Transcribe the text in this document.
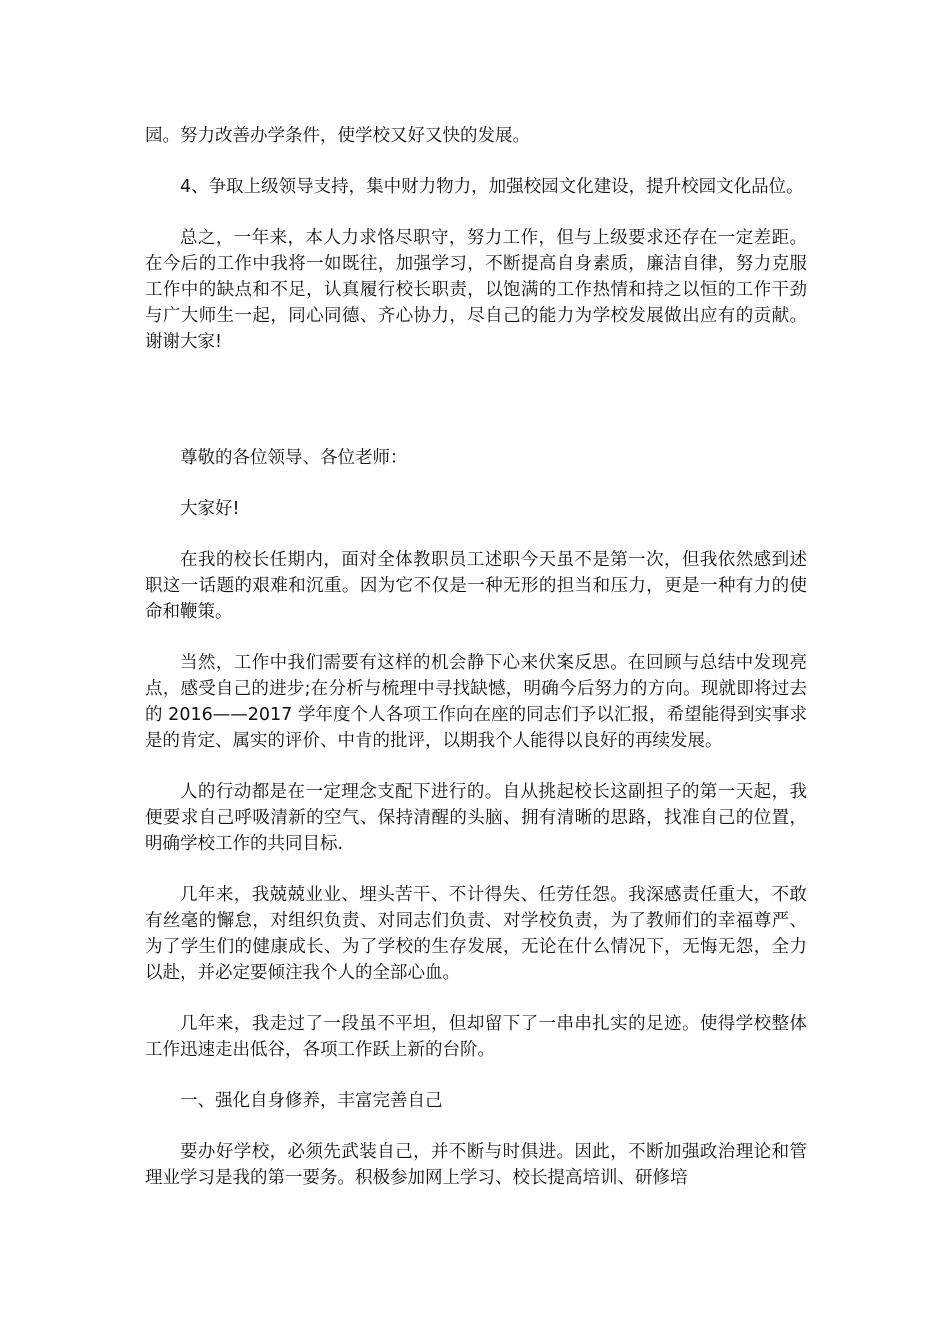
园。努力改善办学条件，使学校又好又快的发展。

4、争取上级领导支持，集中财力物力，加强校园文化建设，提升校园文化品位。

总之，一年来，本人力求恪尽职守，努力工作，但与上级要求还存在一定差距。在今后的工作中我将一如既往，加强学习，不断提高自身素质，廉洁自律，努力克服工作中的缺点和不足，认真履行校长职责，以饱满的工作热情和持之以恒的工作干劲与广大师生一起，同心同德、齐心协力，尽自己的能力为学校发展做出应有的贡献。谢谢大家!

尊敬的各位领导、各位老师：

大家好!

在我的校长任期内，面对全体教职员工述职今天虽不是第一次，但我依然感到述职这一话题的艰难和沉重。因为它不仅是一种无形的担当和压力，更是一种有力的使命和鞭策。

当然，工作中我们需要有这样的机会静下心来伏案反思。在回顾与总结中发现亮点，感受自己的进步;在分析与梳理中寻找缺憾，明确今后努力的方向。现就即将过去的 2016——2017 学年度个人各项工作向在座的同志们予以汇报，希望能得到实事求是的肯定、属实的评价、中肯的批评，以期我个人能得以良好的再续发展。

人的行动都是在一定理念支配下进行的。自从挑起校长这副担子的第一天起，我便要求自己呼吸清新的空气、保持清醒的头脑、拥有清晰的思路，找准自己的位置，明确学校工作的共同目标.

几年来，我兢兢业业、埋头苦干、不计得失、任劳任怨。我深感责任重大，不敢有丝毫的懈怠，对组织负责、对同志们负责、对学校负责，为了教师们的幸福尊严、为了学生们的健康成长、为了学校的生存发展，无论在什么情况下，无悔无怨，全力以赴，并必定要倾注我个人的全部心血。

几年来，我走过了一段虽不平坦，但却留下了一串串扎实的足迹。使得学校整体工作迅速走出低谷，各项工作跃上新的台阶。

一、强化自身修养，丰富完善自己

要办好学校，必须先武装自己，并不断与时俱进。因此，不断加强政治理论和管理业学习是我的第一要务。积极参加网上学习、校长提高培训、研修培
